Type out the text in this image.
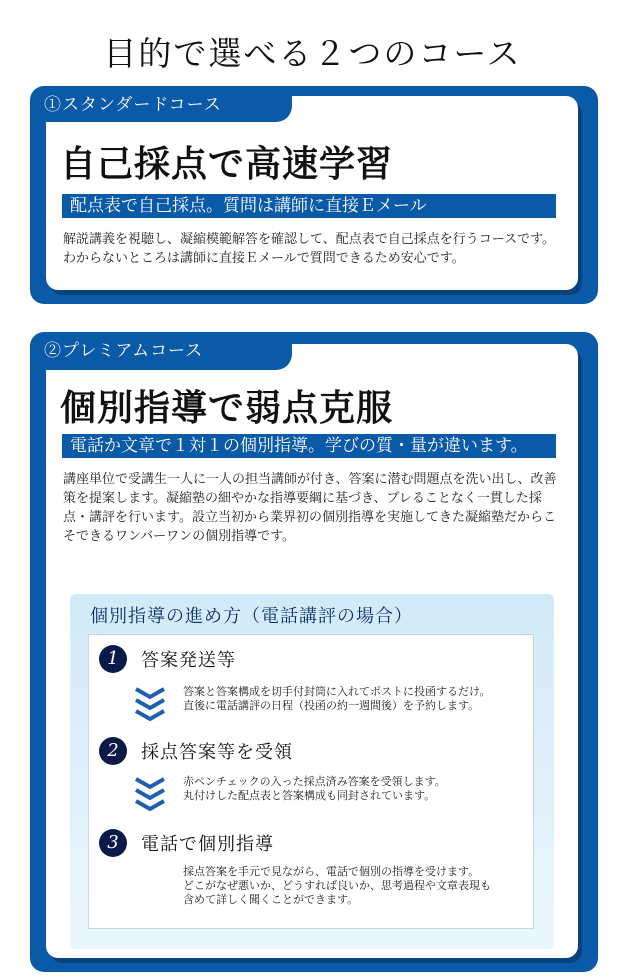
目的で選べる２つのコース
自己採点で高速学習
配点表で自己採点。質問は講師に直接Ｅメール
解説講義を視聴し、凝縮模範解答を確認して、配点表で自己採点を行うコースです。わからないところは講師に直接Ｅメールで質問できるため安心です。
①スタンダードコース
個別指導で弱点克服
電話か文章で１対１の個別指導。学びの質・量が違います。
講座単位で受講生一人に一人の担当講師が付き、答案に潜む問題点を洗い出し、改善策を提案します。凝縮塾の細やかな指導要綱に基づき、ブレることなく一貫した採点・講評を行います。設立当初から業界初の個別指導を実施してきた凝縮塾だからこそできるワンバーワンの個別指導です。
個別指導の進め方（電話講評の場合）
1	答案発送等
答案と答案構成を切手付封筒に入れてポストに投函するだけ。
直後に電話講評の日程（投函の約一週間後）を予約します。
2	採点答案等を受領
赤ペンチェックの入った採点済み答案を受領します。
丸付けした配点表と答案構成も同封されています。
3	電話で個別指導
採点答案を手元で見ながら、電話で個別の指導を受けます。
どこがなぜ悪いか、どうすれば良いか、思考過程や文章表現も
含めて詳しく聞くことができます。
②プレミアムコース
